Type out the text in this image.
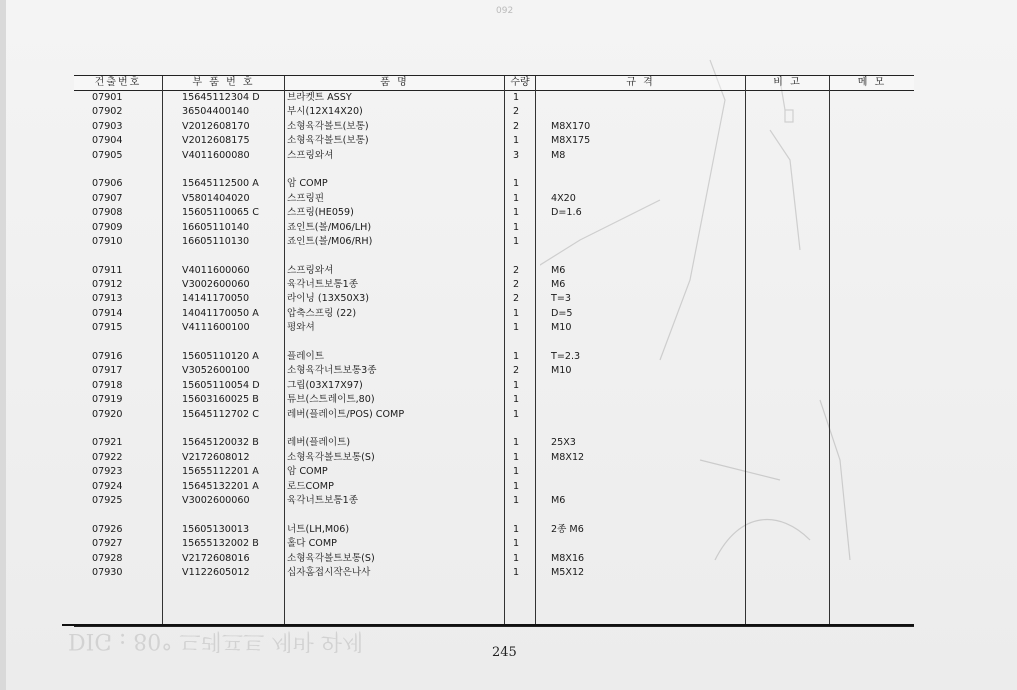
092
건출번호	부 품 번 호	품 명	수량	규 격	비 고	메 모
07901	15645112304 D	브라켓트 ASSY	1
07902	36504400140	부시(12X14X20)	2
07903	V2012608170	소형육각볼트(보통)	2	M8X170
07904	V2012608175	소형육각볼트(보통)	1	M8X175
07905	V4011600080	스프링와셔	3	M8
07906	15645112500 A	암 COMP	1
07907	V5801404020	스프링핀	1	4X20
07908	15605110065 C	스프링(HE059)	1	D=1.6
07909	16605110140	죠인트(볼/M06/LH)	1
07910	16605110130	죠인트(볼/M06/RH)	1
07911	V4011600060	스프링와셔	2	M6
07912	V3002600060	육각너트보통1종	2	M6
07913	14141170050	라이닝 (13X50X3)	2	T=3
07914	14041170050 A	압축스프링 (22)	1	D=5
07915	V4111600100	평와셔	1	M10
07916	15605110120 A	플레이트	1	T=2.3
07917	V3052600100	소형육각너트보통3종	2	M10
07918	15605110054 D	그립(03X17X97)	1
07919	15603160025 B	튜브(스트레이트,80)	1
07920	15645112702 C	레버(플레이트/POS) COMP	1
07921	15645120032 B	레버(플레이트)	1	25X3
07922	V2172608012	소형육각볼트보통(S)	1	M8X12
07923	15655112201 A	암 COMP	1
07924	15645132201 A	로드COMP	1
07925	V3002600060	육각너트보통1종	1	M6
07926	15605130013	너트(LH,M06)	1	2종 M6
07927	15655132002 B	홀다 COMP	1
07928	V2172608016	소형육각볼트보통(S)	1	M8X16
07930	V1122605012	십자홈접시작은나사	1	M5X12
DIG : 80° 드레프트 세바 와세	245
